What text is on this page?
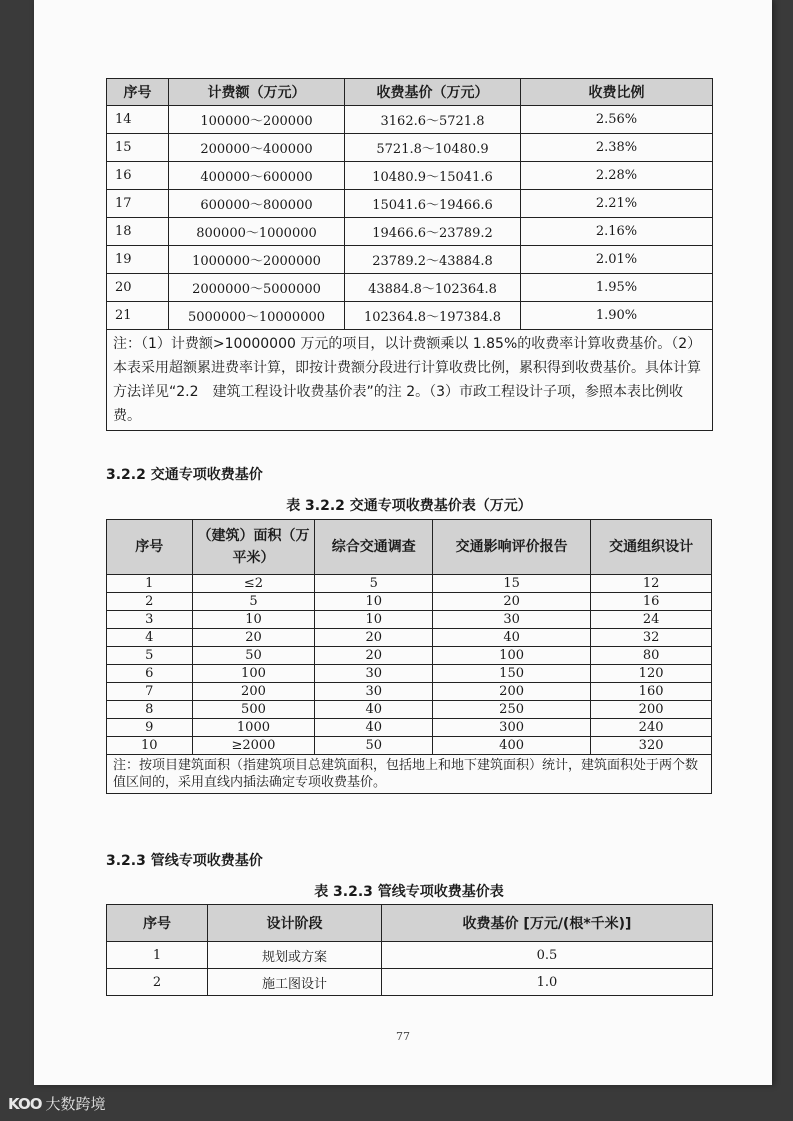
序号	计费额（万元）	收费基价（万元）	收费比例
14	100000～200000	3162.6～5721.8	2.56%
15	200000～400000	5721.8～10480.9	2.38%
16	400000～600000	10480.9～15041.6	2.28%
17	600000～800000	15041.6～19466.6	2.21%
18	800000～1000000	19466.6～23789.2	2.16%
19	1000000～2000000	23789.2～43884.8	2.01%
20	2000000～5000000	43884.8～102364.8	1.95%
21	5000000～10000000	102364.8～197384.8	1.90%
注：（1）计费额>10000000 万元的项目，以计费额乘以 1.85%的收费率计算收费基价。（2）本表采用超额累进费率计算，即按计费额分段进行计算收费比例，累积得到收费基价。具体计算方法详见“2.2　建筑工程设计收费基价表”的注 2。（3）市政工程设计子项，参照本表比例收费。			
3.2.2 交通专项收费基价
表 3.2.2 交通专项收费基价表（万元）
序号	（建筑）面积（万平米）	综合交通调查	交通影响评价报告	交通组织设计
1	≤2	5	15	12
2	5	10	20	16
3	10	10	30	24
4	20	20	40	32
5	50	20	100	80
6	100	30	150	120
7	200	30	200	160
8	500	40	250	200
9	1000	40	300	240
10	≥2000	50	400	320
注：按项目建筑面积（指建筑项目总建筑面积，包括地上和地下建筑面积）统计，建筑面积处于两个数值区间的，采用直线内插法确定专项收费基价。				
3.2.3 管线专项收费基价
表 3.2.3 管线专项收费基价表
序号	设计阶段	收费基价 [万元/(根*千米)]
1	规划或方案	0.5
2	施工图设计	1.0
77
KOO 大数跨境
